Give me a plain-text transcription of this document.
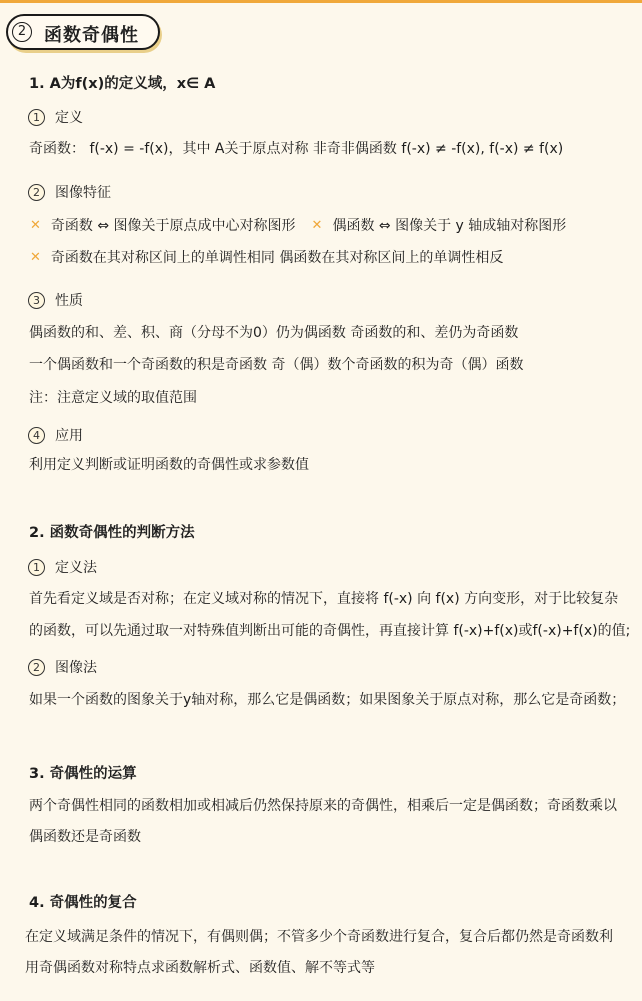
2 函数奇偶性
1. A为f(x)的定义域，x∈ A
1	定义
奇函数： f(-x) = -f(x)，其中 A关于原点对称 非奇非偶函数 f(-x) ≠ -f(x), f(-x) ≠ f(x)
2	图像特征
✕ 奇函数 ⇔ 图像关于原点成中心对称图形 ✕ 偶函数 ⇔ 图像关于 y 轴成轴对称图形
✕ 奇函数在其对称区间上的单调性相同 偶函数在其对称区间上的单调性相反
3	性质
偶函数的和、差、积、商（分母不为0）仍为偶函数 奇函数的和、差仍为奇函数
一个偶函数和一个奇函数的积是奇函数 奇（偶）数个奇函数的积为奇（偶）函数
注：注意定义域的取值范围
4	应用
利用定义判断或证明函数的奇偶性或求参数值
2. 函数奇偶性的判断方法
1	定义法
首先看定义域是否对称；在定义域对称的情况下，直接将 f(-x) 向 f(x) 方向变形，对于比较复杂
的函数，可以先通过取一对特殊值判断出可能的奇偶性，再直接计算 f(-x)+f(x)或f(-x)+f(x)的值;
2	图像法
如果一个函数的图象关于y轴对称，那么它是偶函数；如果图象关于原点对称，那么它是奇函数；
3. 奇偶性的运算
两个奇偶性相同的函数相加或相减后仍然保持原来的奇偶性，相乘后一定是偶函数；奇函数乘以
偶函数还是奇函数
4. 奇偶性的复合
在定义域满足条件的情况下，有偶则偶；不管多少个奇函数进行复合，复合后都仍然是奇函数利
用奇偶函数对称特点求函数解析式、函数值、解不等式等
